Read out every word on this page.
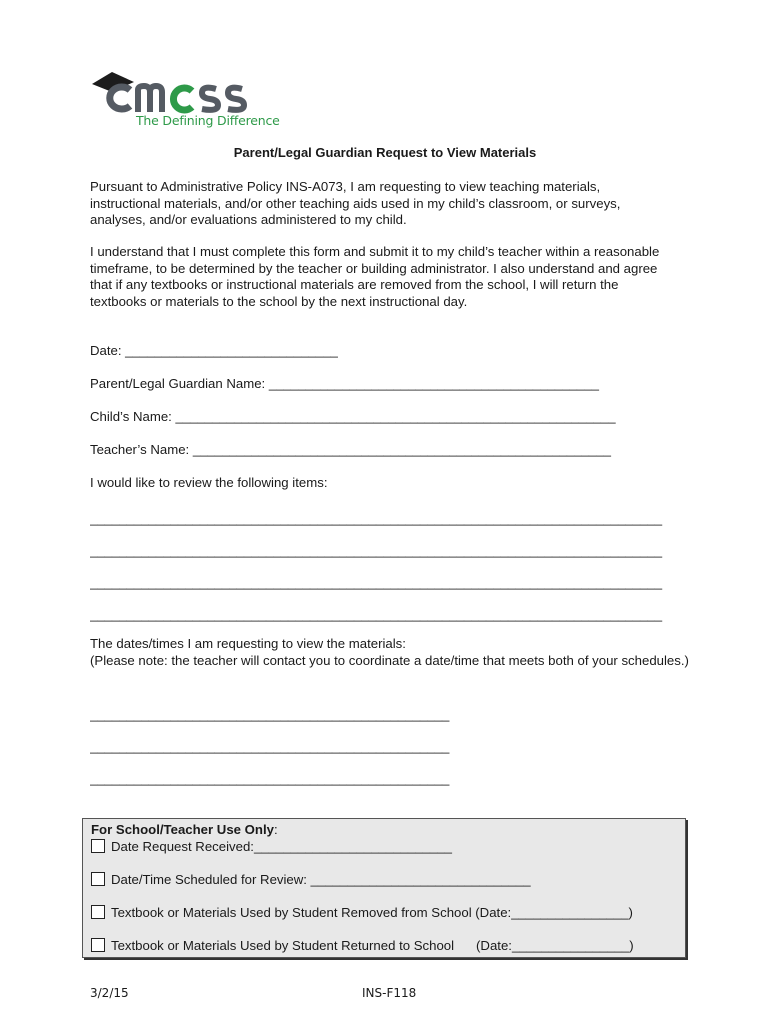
The Defining Difference
Parent/Legal Guardian Request to View Materials
Pursuant to Administrative Policy INS-A073, I am requesting to view teaching materials, instructional materials, and/or other teaching aids used in my child’s classroom, or surveys, analyses, and/or evaluations administered to my child.
I understand that I must complete this form and submit it to my child’s teacher within a reasonable timeframe, to be determined by the teacher or building administrator. I also understand and agree that if any textbooks or instructional materials are removed from the school, I will return the textbooks or materials to the school by the next instructional day.
Date: _____________________________
Parent/Legal Guardian Name: _____________________________________________
Child’s Name: ____________________________________________________________
Teacher’s Name: _________________________________________________________
I would like to review the following items:
______________________________________________________________________________
______________________________________________________________________________
______________________________________________________________________________
______________________________________________________________________________
The dates/times I am requesting to view the materials:
(Please note: the teacher will contact you to coordinate a date/time that meets both of your schedules.)
_________________________________________________
_________________________________________________
_________________________________________________
For School/Teacher Use Only:
Date Request Received:___________________________
Date/Time Scheduled for Review: ______________________________
Textbook or Materials Used by Student Removed from School (Date:________________)
Textbook or Materials Used by Student Returned to School      (Date:________________)
3/2/15	INS-F118
